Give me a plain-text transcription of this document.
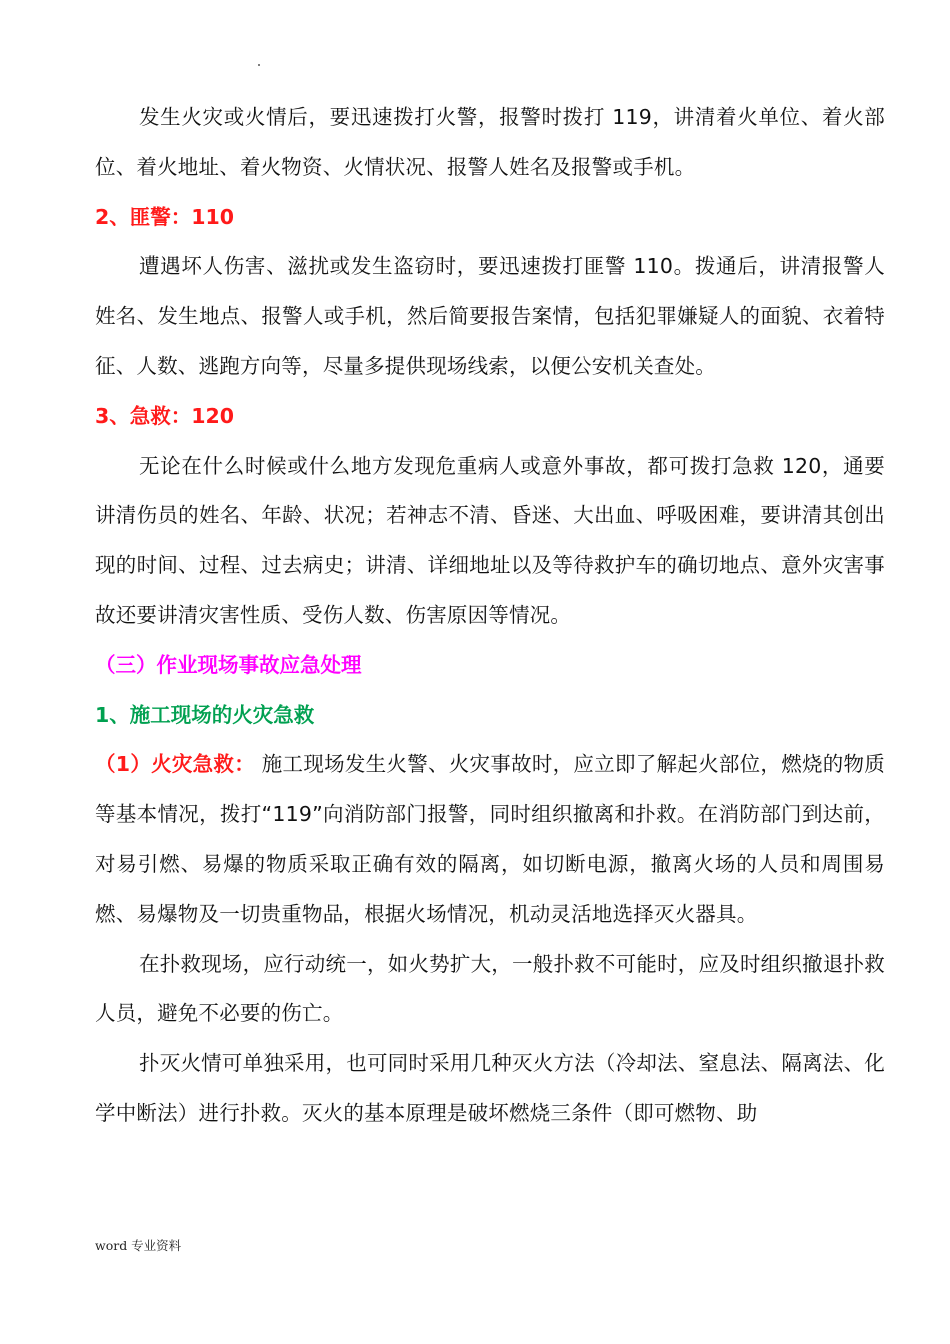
发生火灾或火情后，要迅速拨打火警，报警时拨打 119，讲清着火单位、着火部位、着火地址、着火物资、火情状况、报警人姓名及报警或手机。

2、匪警：110

遭遇坏人伤害、滋扰或发生盗窃时，要迅速拨打匪警 110。拨通后，讲清报警人姓名、发生地点、报警人或手机，然后简要报告案情，包括犯罪嫌疑人的面貌、衣着特征、人数、逃跑方向等，尽量多提供现场线索，以便公安机关查处。

3、急救：120

无论在什么时候或什么地方发现危重病人或意外事故，都可拨打急救 120，通要讲清伤员的姓名、年龄、状况；若神志不清、昏迷、大出血、呼吸困难，要讲清其创出现的时间、过程、过去病史；讲清、详细地址以及等待救护车的确切地点、意外灾害事故还要讲清灾害性质、受伤人数、伤害原因等情况。

（三）作业现场事故应急处理

1、施工现场的火灾急救

（1）火灾急救： 施工现场发生火警、火灾事故时，应立即了解起火部位，燃烧的物质等基本情况，拨打“119”向消防部门报警，同时组织撤离和扑救。在消防部门到达前，对易引燃、易爆的物质采取正确有效的隔离，如切断电源，撤离火场的人员和周围易燃、易爆物及一切贵重物品，根据火场情况，机动灵活地选择灭火器具。

在扑救现场，应行动统一，如火势扩大，一般扑救不可能时，应及时组织撤退扑救人员，避免不必要的伤亡。

扑灭火情可单独采用，也可同时采用几种灭火方法（冷却法、窒息法、隔离法、化学中断法）进行扑救。灭火的基本原理是破坏燃烧三条件（即可燃物、助

word 专业资料
